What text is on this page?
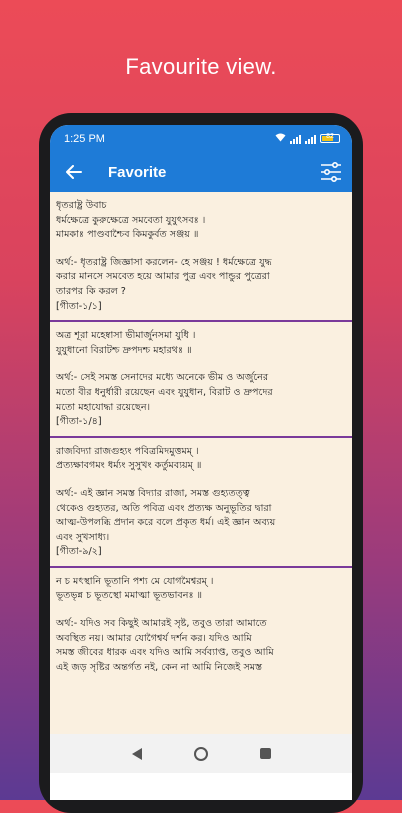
Favourite view.
1:25 PM	82
Favorite

ধৃতরাষ্ট্র উবাচ

ধর্মক্ষেত্রে কুরুক্ষেত্রে সমবেতা যুযুৎসবঃ ।

মামকাঃ পাণ্ডবাশ্চৈব কিমকুর্বত সঞ্জয় ॥

অর্থ:- ধৃতরাষ্ট্র জিজ্ঞাসা করলেন- হে সঞ্জয় ! ধর্মক্ষেত্রে যুদ্ধ

করার মানসে সমবেত হয়ে আমার পুত্র এবং পান্ডুর পুত্রেরা

তারপর কি করল ?

[গীতা-১/১]

অত্র শূরা মহেষ্বাসা ভীমার্জুনসমা যুধি ।

যুযুধানো বিরাটশ্চ দ্রুপদশ্চ মহারথঃ ॥

অর্থ:- সেই সমস্ত সেনাদের মধ্যে অনেকে ভীম ও অর্জুনের

মতো বীর ধনুর্ধারী রয়েছেন এবং যুযুধান, বিরাট ও দ্রুপদের

মতো মহাযোদ্ধা রয়েছেন।

[গীতা-১/৪]

রাজবিদ্যা রাজগুহ্যং পবিত্রমিদমুত্তমম্ ।

প্রত্যক্ষাবগমং ধর্ম্যং সুসুখং কর্তুমব্যয়ম্ ॥

অর্থ:- এই জ্ঞান সমস্ত বিদ্যার রাজা, সমস্ত গুহ্যতত্ত্ব

থেকেও গুহ্যতর, অতি পবিত্র এবং প্রত্যক্ষ অনুভূতির দ্বারা

আত্ম-উপলব্ধি প্রদান করে বলে প্রকৃত ধর্ম। এই জ্ঞান অব্যয়

এবং সুখসাধ্য।

[গীতা-৯/২]

ন চ মৎস্থানি ভূতানি পশ্য মে যোগমৈশ্বরম্ ।

ভূতভৃন্ন চ ভূতস্থো মমাত্মা ভূতভাবনঃ ॥

অর্থ:- যদিও সব কিছুই আমারই সৃষ্ট, তবুও তারা আমাতে

অবস্থিত নয়। আমার যোগৈশ্বর্য দর্শন কর। যদিও আমি

সমস্ত জীবের ধারক এবং যদিও আমি সর্বব্যাপ্ত, তবুও আমি

এই জড় সৃষ্টির অন্তর্গত নই, কেন না আমি নিজেই সমস্ত
